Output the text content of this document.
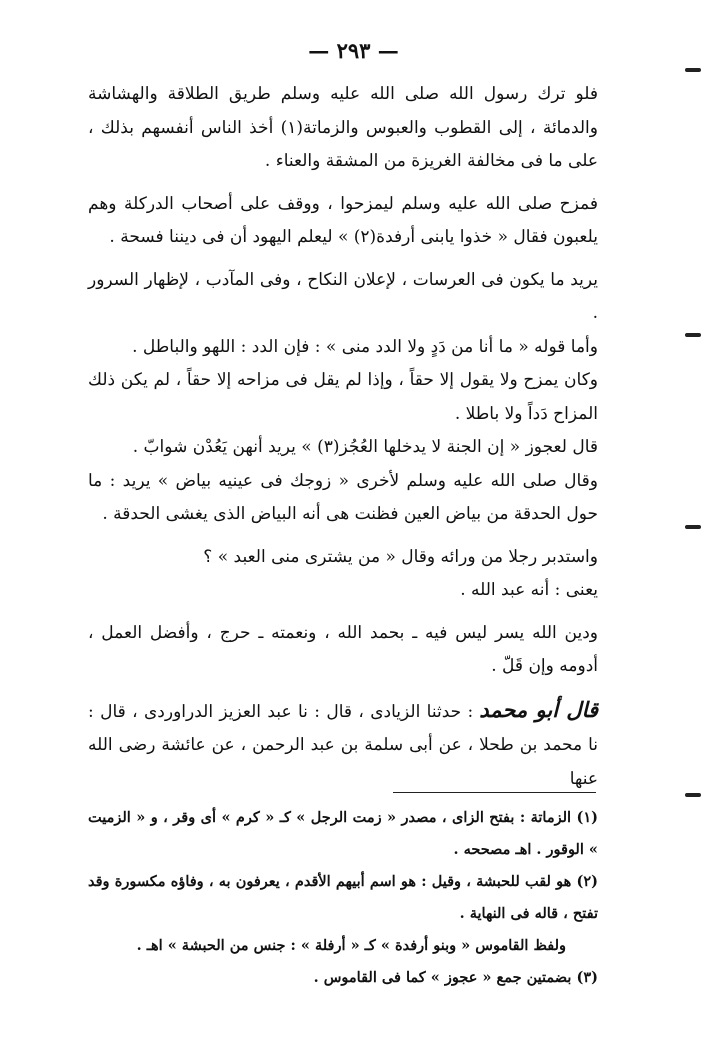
— ٢٩٣ —

فلو ترك رسول الله صلى الله عليه وسلم طريق الطلاقة والهشاشة والدمائة ، إلى القطوب والعبوس والزماتة(١) أخذ الناس أنفسهم بذلك ، على ما فى مخالفة الغريزة من المشقة والعناء .

فمزح صلى الله عليه وسلم ليمزحوا ، ووقف على أصحاب الدركلة وهم يلعبون فقال « خذوا يابنى أرفدة(٢) » ليعلم اليهود أن فى ديننا فسحة .

يريد ما يكون فى العرسات ، لإعلان النكاح ، وفى المآدب ، لإظهار السرور .

وأما قوله « ما أنا من دَدٍ ولا الدد منى » : فإن الدد : اللهو والباطل .

وكان يمزح ولا يقول إلا حقاً ، وإذا لم يقل فى مزاحه إلا حقاً ، لم يكن ذلك المزاح دَداً ولا باطلا .

قال لعجوز « إن الجنة لا يدخلها العُجُز(٣) » يريد أنهن يَعُدْن شوابّ .

وقال صلى الله عليه وسلم لأخرى « زوجك فى عينيه بياض » يريد : ما حول الحدقة من بياض العين فظنت هى أنه البياض الذى يغشى الحدقة .

واستدبر رجلا من ورائه وقال « من يشترى منى العبد » ؟

يعنى : أنه عبد الله .

ودين الله يسر ليس فيه ـ بحمد الله ، ونعمته ـ حرج ، وأفضل العمل ، أدومه وإن قَلّ .

قال أبو محمد: حدثنا الزيادى ، قال : نا عبد العزيز الدراوردى ، قال : نا محمد بن طحلا ، عن أبى سلمة بن عبد الرحمن ، عن عائشة رضى الله عنها

(١) الزماتة : بفتح الزاى ، مصدر « زمت الرجل » كـ « كرم » أى وقر ، و « الزميت » الوقور . اهـ مصححه .

(٢) هو لقب للحبشة ، وقيل : هو اسم أبيهم الأقدم ، يعرفون به ، وفاؤه مكسورة وقد تفتح ، قاله فى النهاية .

ولفظ القاموس « وبنو أرفدة » كـ « أرفلة » : جنس من الحبشة » اهـ .

(٣) بضمتين جمع « عجوز » كما فى القاموس .
